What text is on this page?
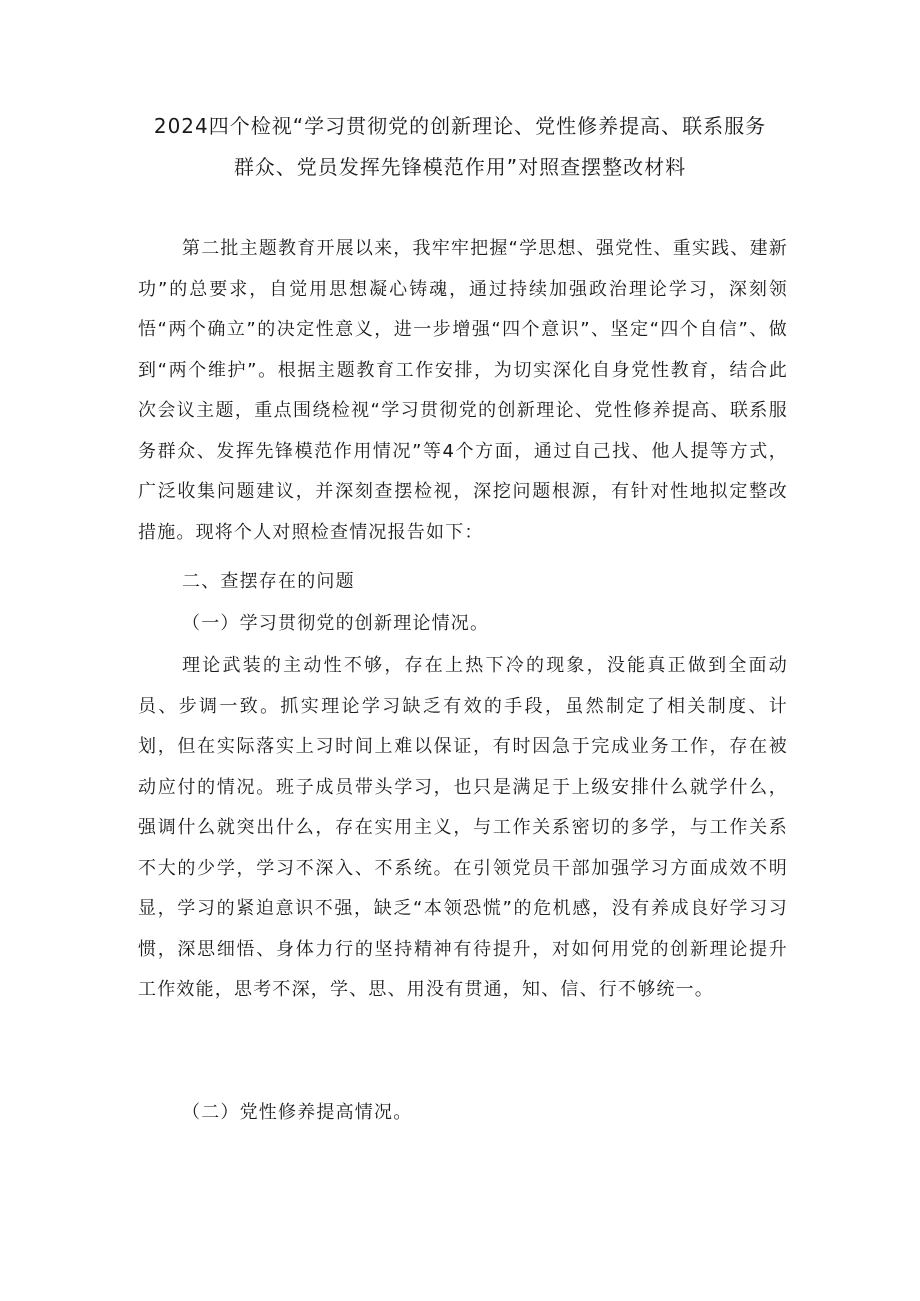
2024四个检视“学习贯彻党的创新理论、党性修养提高、联系服务
群众、党员发挥先锋模范作用”对照查摆整改材料

第二批主题教育开展以来，我牢牢把握“学思想、强党性、重实践、建新功”的总要求，自觉用思想凝心铸魂，通过持续加强政治理论学习，深刻领悟“两个确立”的决定性意义，进一步增强“四个意识”、坚定“四个自信”、做到“两个维护”。根据主题教育工作安排，为切实深化自身党性教育，结合此次会议主题，重点围绕检视“学习贯彻党的创新理论、党性修养提高、联系服务群众、发挥先锋模范作用情况”等4个方面，通过自己找、他人提等方式，广泛收集问题建议，并深刻查摆检视，深挖问题根源，有针对性地拟定整改措施。现将个人对照检查情况报告如下：

二、查摆存在的问题

（一）学习贯彻党的创新理论情况。

理论武装的主动性不够，存在上热下冷的现象，没能真正做到全面动员、步调一致。抓实理论学习缺乏有效的手段，虽然制定了相关制度、计划，但在实际落实上习时间上难以保证，有时因急于完成业务工作，存在被动应付的情况。班子成员带头学习，也只是满足于上级安排什么就学什么，强调什么就突出什么，存在实用主义，与工作关系密切的多学，与工作关系不大的少学，学习不深入、不系统。在引领党员干部加强学习方面成效不明显，学习的紧迫意识不强，缺乏“本领恐慌”的危机感，没有养成良好学习习惯，深思细悟、身体力行的坚持精神有待提升，对如何用党的创新理论提升工作效能，思考不深，学、思、用没有贯通，知、信、行不够统一。

（二）党性修养提高情况。
